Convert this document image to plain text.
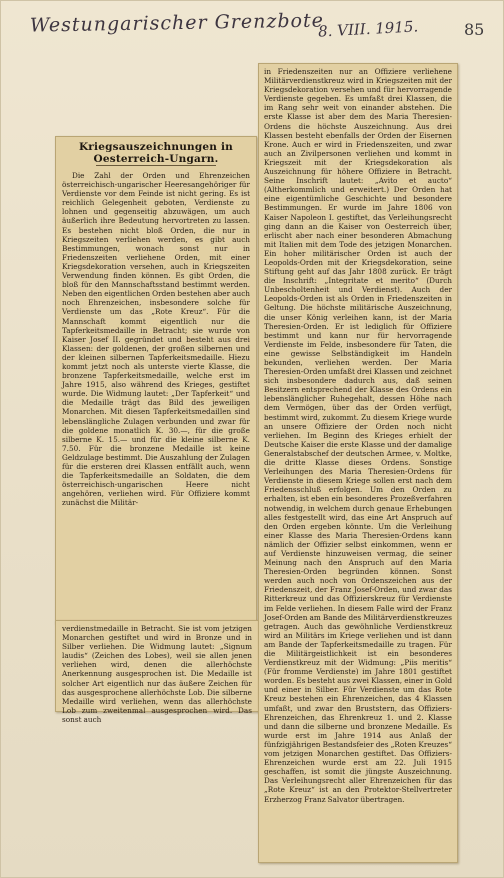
Westungarischer Grenzbote
8. VIII. 1915.	85
Kriegsauszeichnungen in Oesterreich-Ungarn.

Die Zahl der Orden und Ehrenzeichen österreichisch-ungarischer Heeresangehöriger für Verdienste vor dem Feinde ist nicht gering. Es ist reichlich Gelegenheit geboten, Verdienste zu lohnen und gegenseitig abzuwägen, um auch äußerlich ihre Bedeutung hervortreten zu lassen. Es bestehen nicht bloß Orden, die nur in Kriegszeiten verliehen werden, es gibt auch Bestimmungen, wonach sonst nur in Friedenszeiten verliehene Orden, mit einer Kriegsdekoration versehen, auch in Kriegszeiten Verwendung finden können. Es gibt Orden, die bloß für den Mannschaftsstand bestimmt werden. Neben den eigentlichen Orden bestehen aber auch noch Ehrenzeichen, insbesondere solche für Verdienste um das „Rote Kreuz“. Für die Mannschaft kommt eigentlich nur die Tapferkeitsmedaille in Betracht; sie wurde von Kaiser Josef II. gegründet und besteht aus drei Klassen: der goldenen, der großen silbernen und der kleinen silbernen Tapferkeitsmedaille. Hiezu kommt jetzt noch als unterste vierte Klasse, die bronzene Tapferkeitsmedaille, welche erst im Jahre 1915, also während des Krieges, gestiftet wurde. Die Widmung lautet: „Der Tapferkeit“ und die Medaille trägt das Bild des jeweiligen Monarchen. Mit diesen Tapferkeitsmedaillen sind lebenslängliche Zulagen verbunden und zwar für die goldene monatlich K. 30.—, für die große silberne K. 15.— und für die kleine silberne K. 7.50. Für die bronzene Medaille ist keine Geldzulage bestimmt. Die Auszahlung der Zulagen für die ersteren drei Klassen entfällt auch, wenn die Tapferkeitsmedaille an Soldaten, die dem österreichisch-ungarischen Heere nicht angehören, verliehen wird. Für Offiziere kommt zunächst die Militär-

verdienstmedaille in Betracht. Sie ist vom jetzigen Monarchen gestiftet und wird in Bronze und in Silber verliehen. Die Widmung lautet: „Signum laudis“ (Zeichen des Lobes), weil sie allen jenen verliehen wird, denen die allerhöchste Anerkennung ausgesprochen ist. Die Medaille ist solcher Art eigentlich nur das äußere Zeichen für das ausgesprochene allerhöchste Lob. Die silberne Medaille wird verliehen, wenn das allerhöchste Lob zum zweitenmal ausgesprochen wird. Das sonst auch

in Friedenszeiten nur an Offiziere verliehene Militärverdienstkreuz wird in Kriegszeiten mit der Kriegsdekoration versehen und für hervorragende Verdienste gegeben. Es umfaßt drei Klassen, die im Rang sehr weit von einander abstehen. Die erste Klasse ist aber dem des Maria Theresien-Ordens die höchste Auszeichnung. Aus drei Klassen besteht ebenfalls der Orden der Eisernen Krone. Auch er wird in Friedenszeiten, und zwar auch an Zivilpersonen verliehen und kommt in Kriegszeit mit der Kriegsdekoration als Auszeichnung für höhere Offiziere in Betracht. Seine Inschrift lautet: „Avito et aucto“ (Altherkommlich und erweitert.) Der Orden hat eine eigentümliche Geschichte und besondere Bestimmungen. Er wurde im Jahre 1806 von Kaiser Napoleon I. gestiftet, das Verleihungsrecht ging dann an die Kaiser von Oesterreich über, erlischt aber nach einer besonderen Abmachung mit Italien mit dem Tode des jetzigen Monarchen. Ein hoher militärischer Orden ist auch der Leopolds-Orden mit der Kriegsdekoration, seine Stiftung geht auf das Jahr 1808 zurück. Er trägt die Inschrift: „Integritate et merito“ (Durch Unbescholtenheit und Verdienst). Auch der Leopolds-Orden ist als Orden in Friedenszeiten in Geltung. Die höchste militärische Auszeichnung, die unser König verleihen kann, ist der Maria Theresien-Orden. Er ist lediglich für Offiziere bestimmt und kann nur für hervorragende Verdienste im Felde, insbesondere für Taten, die eine gewisse Selbständigkeit im Handeln bekunden, verliehen werden. Der Maria Theresien-Orden umfaßt drei Klassen und zeichnet sich insbesondere dadurch aus, daß seinen Besitzern entsprechend der Klasse des Ordens ein lebenslänglicher Ruhegehalt, dessen Höhe nach dem Vermögen, über das der Orden verfügt, bestimmt wird, zukommt. Zu diesem Kriege wurde an unsere Offiziere der Orden noch nicht verliehen. Im Beginn des Krieges erhielt der Deutsche Kaiser die erste Klasse und der damalige Generalstabschef der deutschen Armee, v. Moltke, die dritte Klasse dieses Ordens. Sonstige Verleihungen des Maria Theresien-Ordens für Verdienste in diesem Kriege sollen erst nach dem Friedensschluß erfolgen. Um den Orden zu erhalten, ist eben ein besonderes Prozeßverfahren notwendig, in welchem durch genaue Erhebungen alles festgestellt wird, das eine Art Anspruch auf den Orden ergeben könnte. Um die Verleihung einer Klasse des Maria Theresien-Ordens kann nämlich der Offizier selbst einkommen, wenn er auf Verdienste hinzuweisen vermag, die seiner Meinung nach den Anspruch auf den Maria Theresien-Orden begründen können. Sonst werden auch noch von Ordenszeichen aus der Friedenszeit, der Franz Josef-Orden, und zwar das Ritterkreuz und das Offizierskreuz für Verdienste im Felde verliehen. In diesem Falle wird der Franz Josef-Orden am Bande des Militärverdienstkreuzes getragen. Auch das gewöhnliche Verdienstkreuz wird an Militärs im Kriege verliehen und ist dann am Bande der Tapferkeitsmedaille zu tragen. Für die Militärgeistlichkeit ist ein besonderes Verdienstkreuz mit der Widmung: „Piis meritis“ (Für fromme Verdienste) im Jahre 1801 gestiftet worden. Es besteht aus zwei Klassen, einer in Gold und einer in Silber. Für Verdienste um das Rote Kreuz bestehen ein Ehrenzeichen, das 4 Klassen umfaßt, und zwar den Bruststern, das Offiziers-Ehrenzeichen, das Ehrenkreuz 1. und 2. Klasse und dann die silberne und bronzene Medaille. Es wurde erst im Jahre 1914 aus Anlaß der fünfzigjährigen Bestandsfeier des „Roten Kreuzes“ vom jetzigen Monarchen gestiftet. Das Offiziers-Ehrenzeichen wurde erst am 22. Juli 1915 geschaffen, ist somit die jüngste Auszeichnung. Das Verleihungsrecht aller Ehrenzeichen für das „Rote Kreuz“ ist an den Protektor-Stellvertreter Erzherzog Franz Salvator übertragen.
